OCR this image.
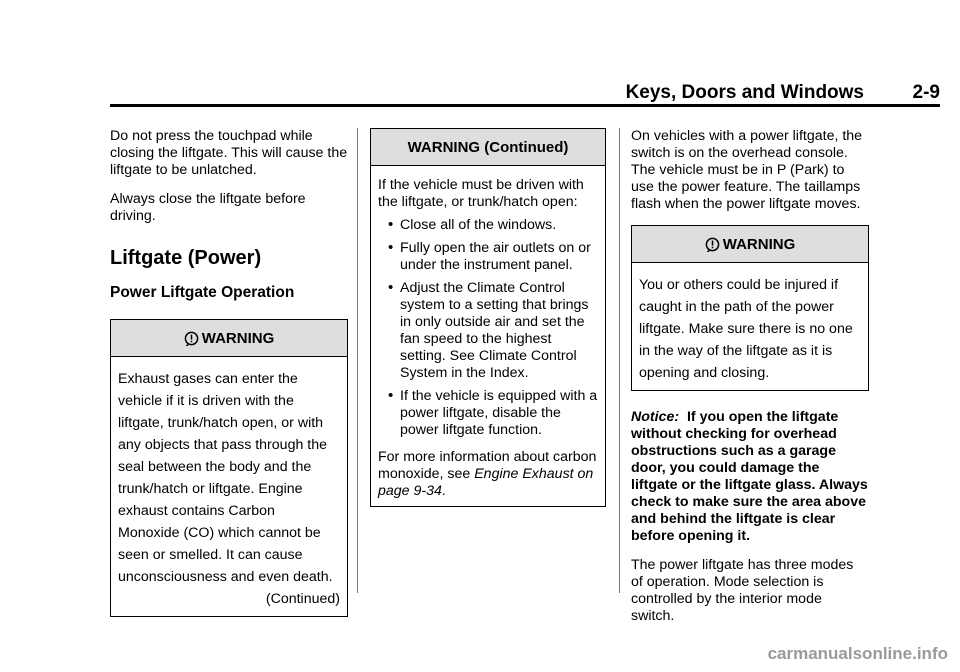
Keys, Doors and Windows	2-9

Do not press the touchpad while closing the liftgate. This will cause the liftgate to be unlatched.

Always close the liftgate before driving.

Liftgate (Power)
Power Liftgate Operation
WARNING
Exhaust gases can enter the vehicle if it is driven with the liftgate, trunk/hatch open, or with any objects that pass through the seal between the body and the trunk/hatch or liftgate. Engine exhaust contains Carbon Monoxide (CO) which cannot be seen or smelled. It can cause unconsciousness and even death.
(Continued)
WARNING (Continued)
If the vehicle must be driven with the liftgate, or trunk/hatch open:
• Close all of the windows.
• Fully open the air outlets on or under the instrument panel.
• Adjust the Climate Control system to a setting that brings in only outside air and set the fan speed to the highest setting. See Climate Control System in the Index.
• If the vehicle is equipped with a power liftgate, disable the power liftgate function.
For more information about carbon monoxide, see Engine Exhaust on page 9-34.

On vehicles with a power liftgate, the switch is on the overhead console. The vehicle must be in P (Park) to use the power feature. The taillamps flash when the power liftgate moves.

WARNING
You or others could be injured if caught in the path of the power liftgate. Make sure there is no one in the way of the liftgate as it is opening and closing.

Notice: If you open the liftgate without checking for overhead obstructions such as a garage door, you could damage the liftgate or the liftgate glass. Always check to make sure the area above and behind the liftgate is clear before opening it.

The power liftgate has three modes of operation. Mode selection is controlled by the interior mode switch.

carmanualsonline.info
